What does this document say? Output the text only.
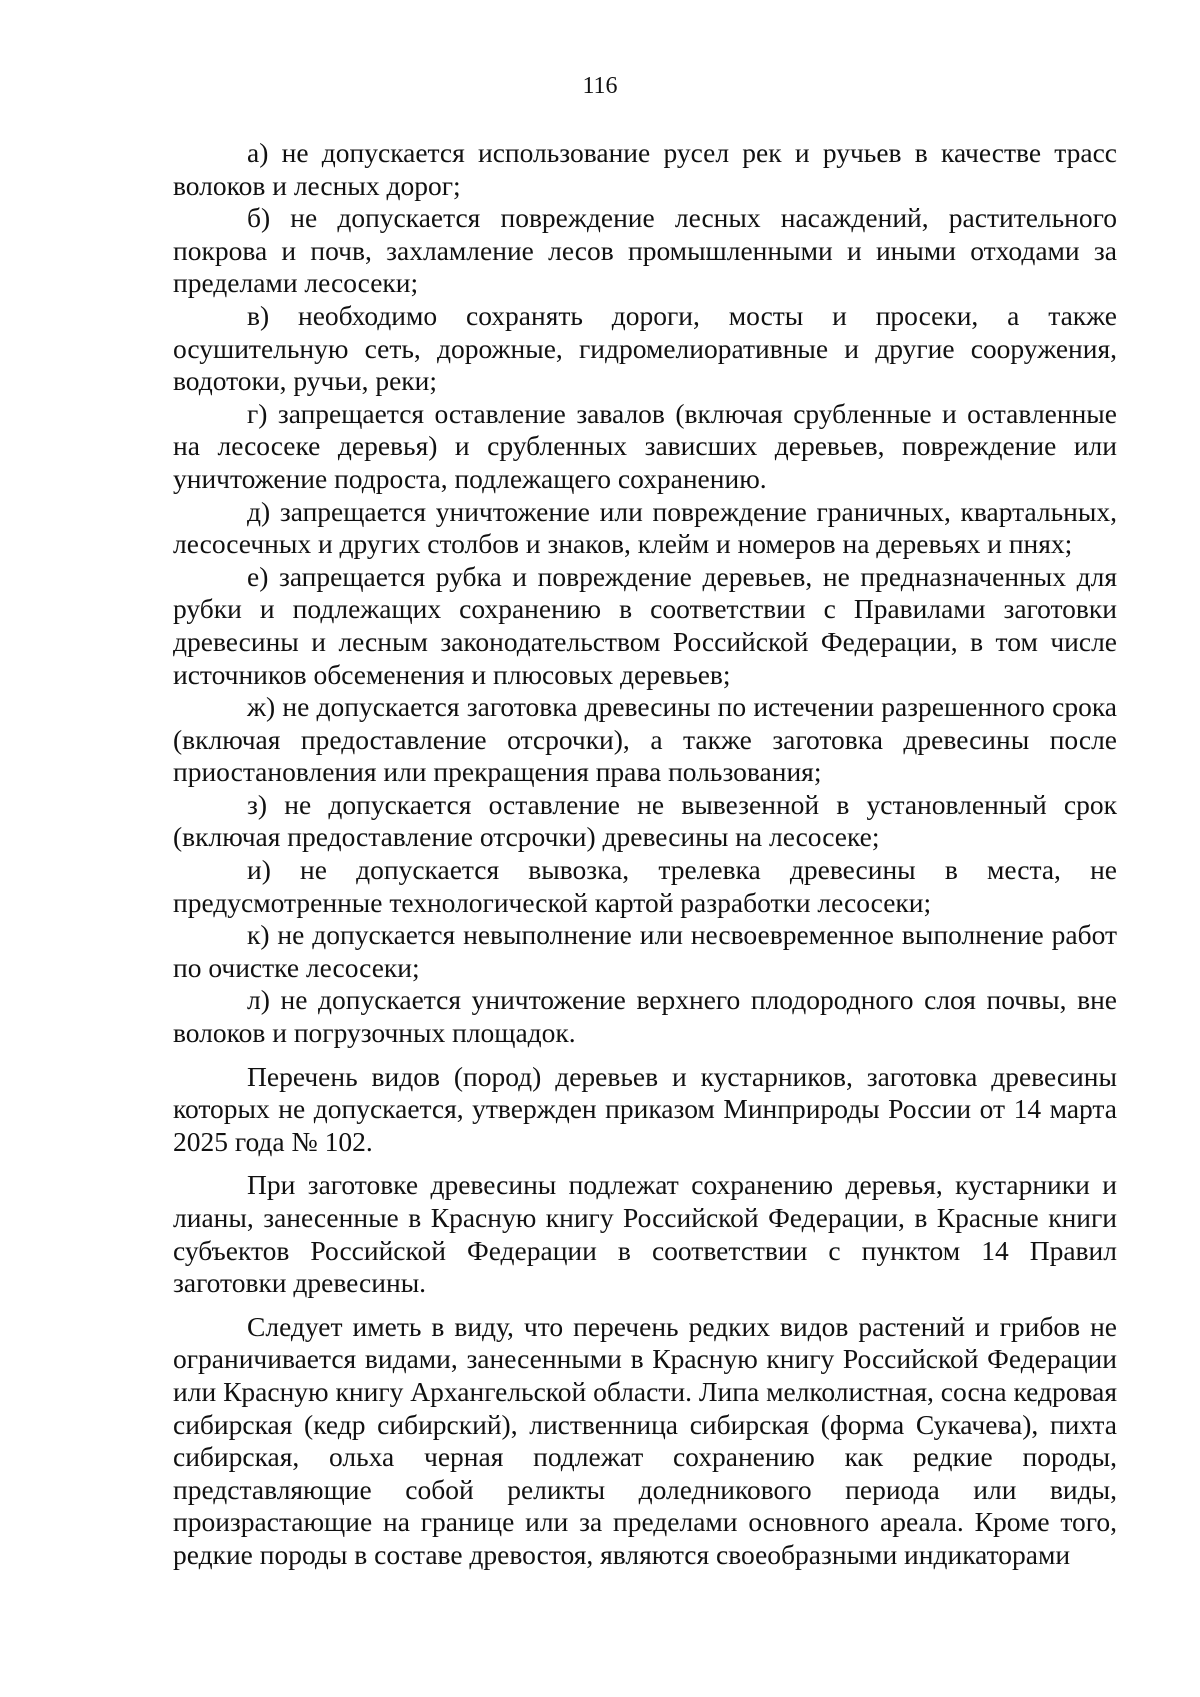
116

а) не допускается использование русел рек и ручьев в качестве трасс волоков и лесных дорог;

б) не допускается повреждение лесных насаждений, растительного покрова и почв, захламление лесов промышленными и иными отходами за пределами лесосеки;

в) необходимо сохранять дороги, мосты и просеки, а также осушительную сеть, дорожные, гидромелиоративные и другие сооружения, водотоки, ручьи, реки;

г) запрещается оставление завалов (включая срубленные и оставленные на лесосеке деревья) и срубленных зависших деревьев, повреждение или уничтожение подроста, подлежащего сохранению.

д) запрещается уничтожение или повреждение граничных, квартальных, лесосечных и других столбов и знаков, клейм и номеров на деревьях и пнях;

е) запрещается рубка и повреждение деревьев, не предназначенных для рубки и подлежащих сохранению в соответствии с Правилами заготовки древесины и лесным законодательством Российской Федерации, в том числе источников обсеменения и плюсовых деревьев;

ж) не допускается заготовка древесины по истечении разрешенного срока (включая предоставление отсрочки), а также заготовка древесины после приостановления или прекращения права пользования;

з) не допускается оставление не вывезенной в установленный срок (включая предоставление отсрочки) древесины на лесосеке;

и) не допускается вывозка, трелевка древесины в места, не предусмотренные технологической картой разработки лесосеки;

к) не допускается невыполнение или несвоевременное выполнение работ по очистке лесосеки;

л) не допускается уничтожение верхнего плодородного слоя почвы, вне волоков и погрузочных площадок.

Перечень видов (пород) деревьев и кустарников, заготовка древесины которых не допускается, утвержден приказом Минприроды России от 14 марта 2025 года № 102.

При заготовке древесины подлежат сохранению деревья, кустарники и лианы, занесенные в Красную книгу Российской Федерации, в Красные книги субъектов Российской Федерации в соответствии с пунктом 14 Правил заготовки древесины.

Следует иметь в виду, что перечень редких видов растений и грибов не ограничивается видами, занесенными в Красную книгу Российской Федерации или Красную книгу Архангельской области. Липа мелколистная, сосна кедровая сибирская (кедр сибирский), лиственница сибирская (форма Сукачева), пихта сибирская, ольха черная подлежат сохранению как редкие породы, представляющие собой реликты доледникового периода или виды, произрастающие на границе или за пределами основного ареала. Кроме того, редкие породы в составе древостоя, являются своеобразными индикаторами
